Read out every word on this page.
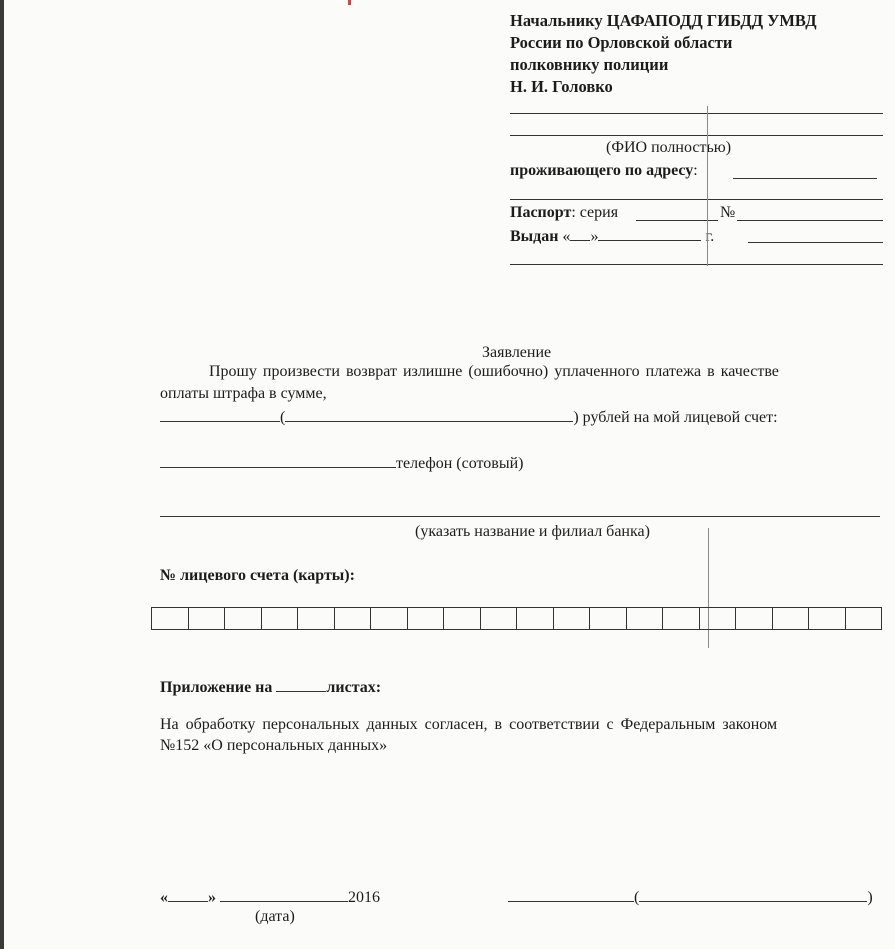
Начальнику ЦАФАПОДД ГИБДД УМВД
России по Орловской области
полковнику полиции
Н. И. Головко
(ФИО полностью)
проживающего по адресу:
Паспорт: серия	№
Выдан « »	г.
Заявление
Прошу произвести возврат излишне (ошибочно) уплаченного платежа в качестве
оплаты штрафа в сумме,
(	) рублей на мой лицевой счет:
телефон (сотовый)
(указать название и филиал банка)
№ лицевого счета (карты):
Приложение на	листах:
На обработку персональных данных согласен, в соответствии с Федеральным законом
№152 «О персональных данных»
«	»	2016
(дата)
(	)
